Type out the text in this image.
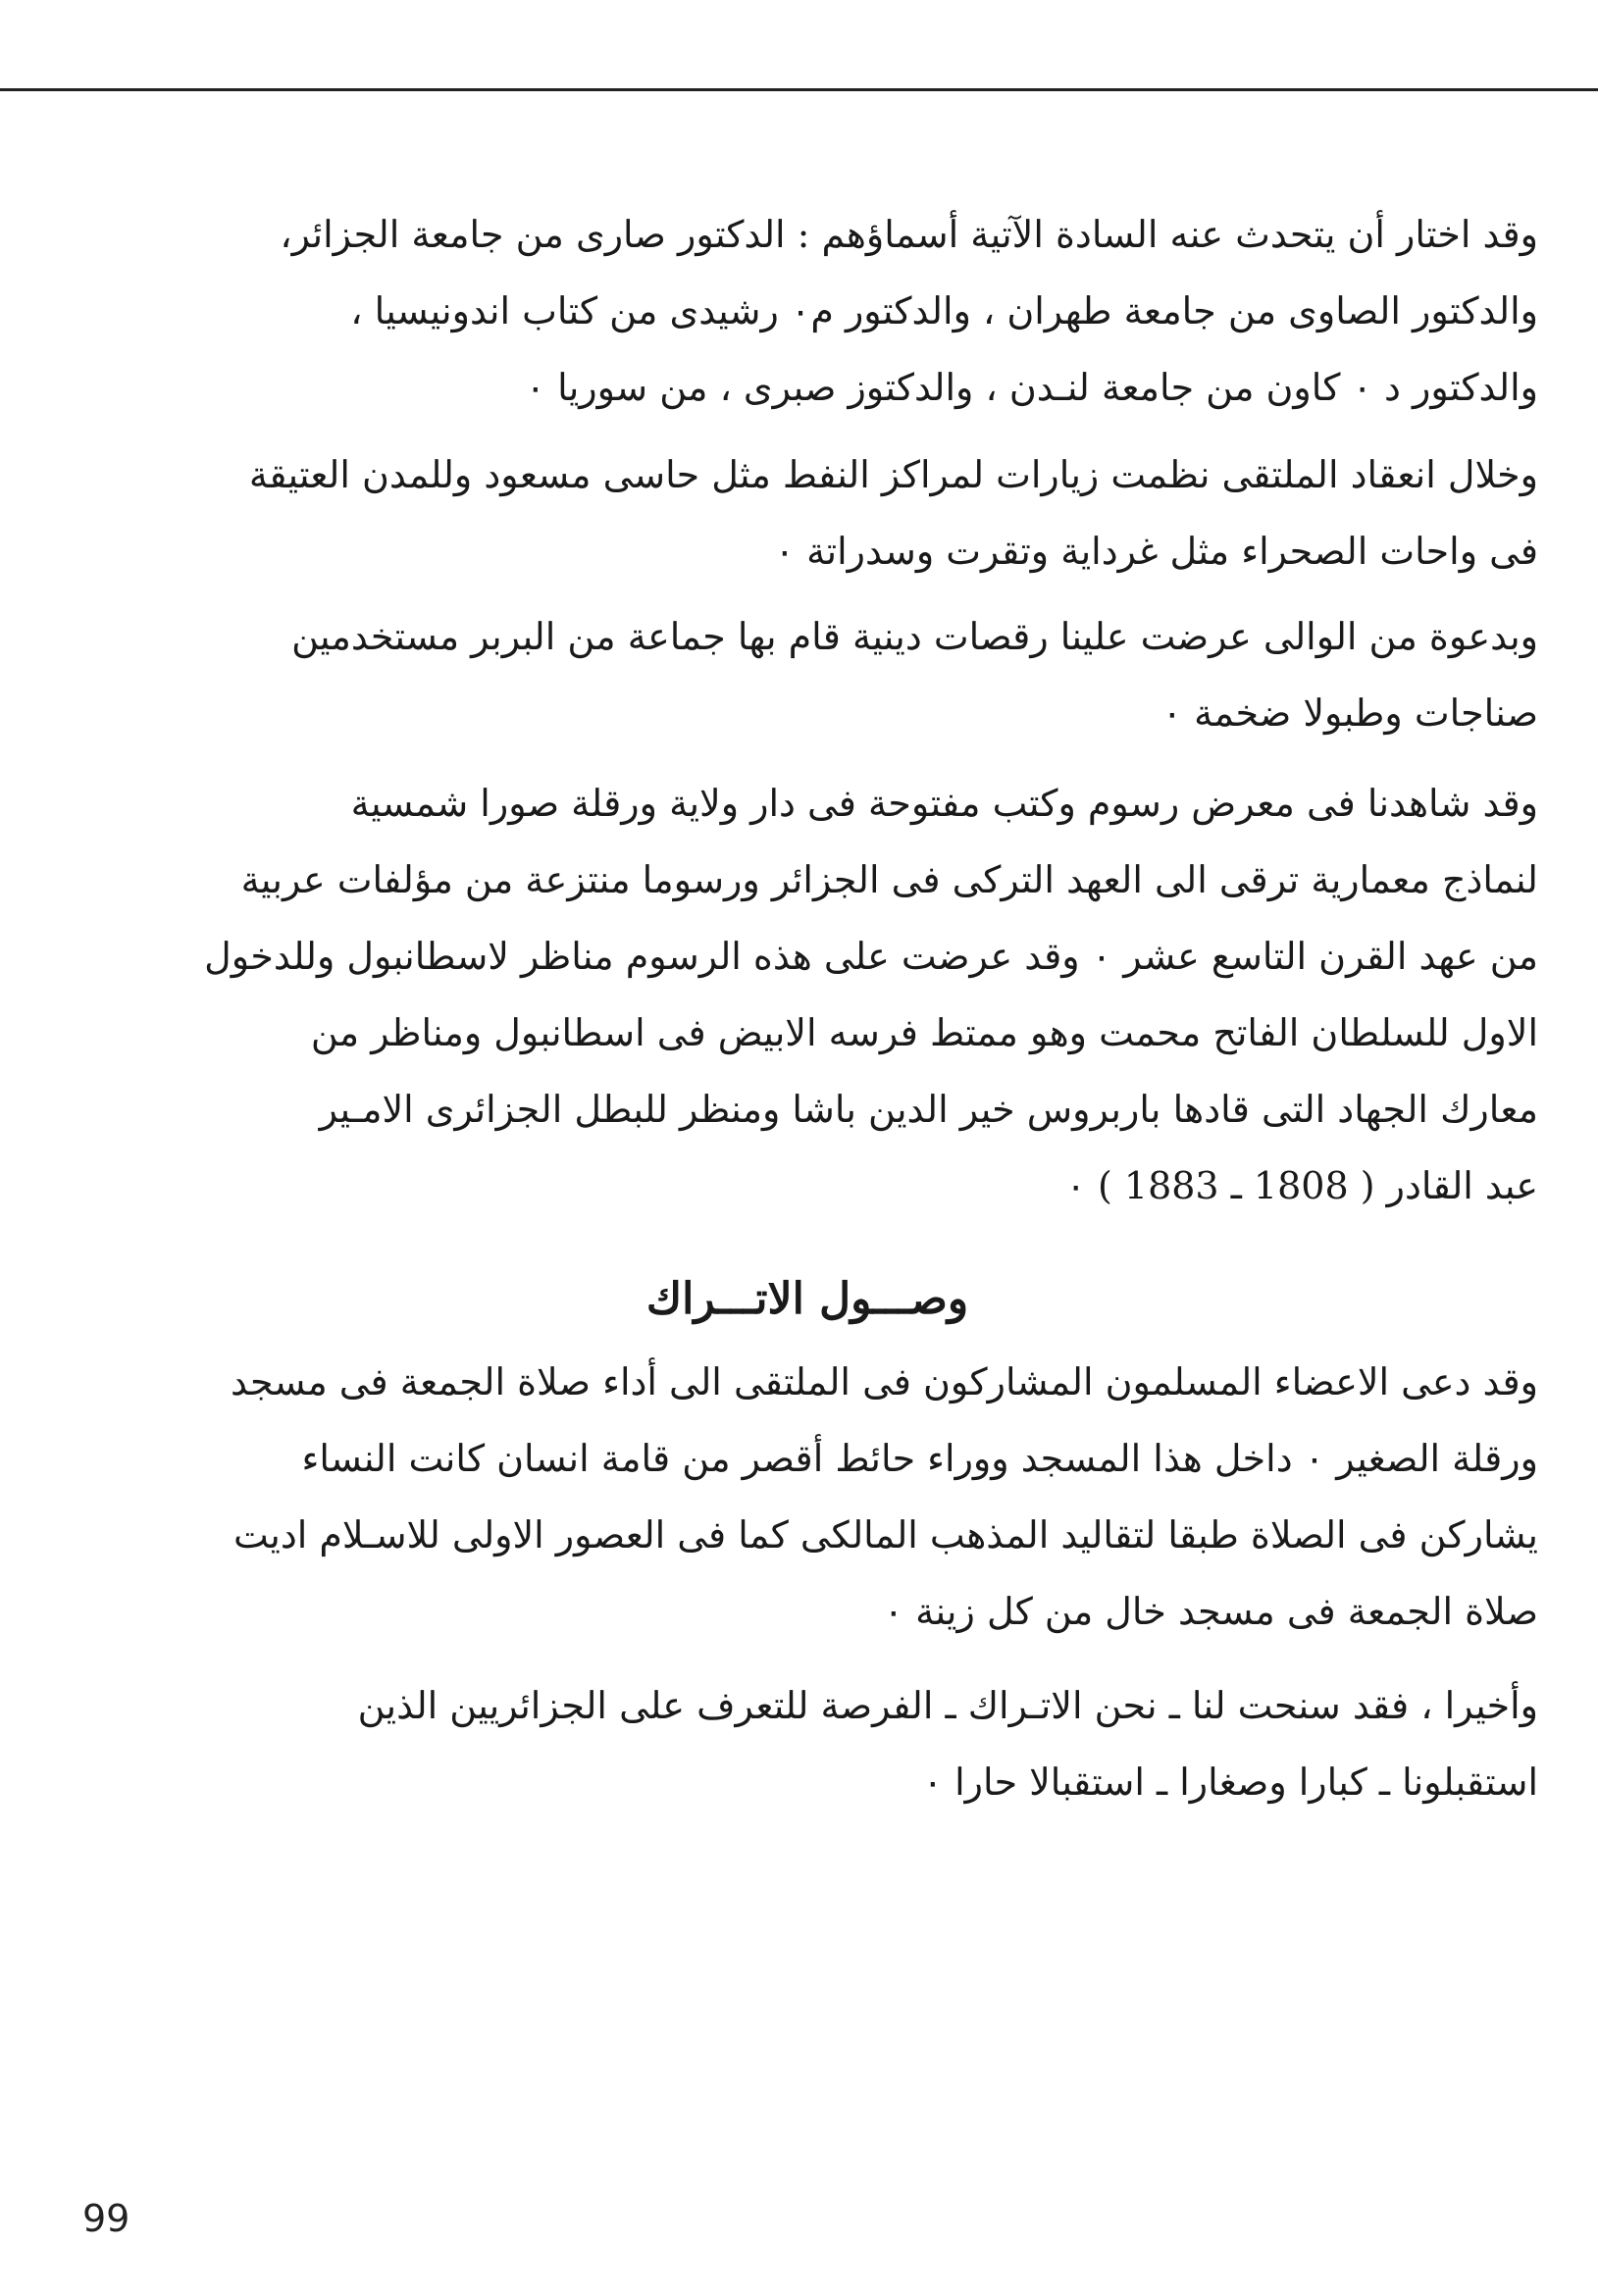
وقد اختار أن يتحدث عنه السادة الآتية أسماؤهم : الدكتور صارى من جامعة الجزائر،
والدكتور الصاوى من جامعة طهران ، والدكتور م٠ رشيدى من كتاب اندونيسيا ،
والدكتور د ٠ كاون من جامعة لنـدن ، والدكتوز صبرى ، من سوريا ٠
وخلال انعقاد الملتقى نظمت زيارات لمراكز النفط مثل حاسى مسعود وللمدن العتيقة
فى واحات الصحراء مثل غرداية وتقرت وسدراتة ٠
وبدعوة من الوالى عرضت علينا رقصات دينية قام بها جماعة من البربر مستخدمين
صناجات وطبولا ضخمة ٠
وقد شاهدنا فى معرض رسوم وكتب مفتوحة فى دار ولاية ورقلة صورا شمسية
لنماذج معمارية ترقى الى العهد التركى فى الجزائر ورسوما منتزعة من مؤلفات عربية
من عهد القرن التاسع عشر ٠ وقد عرضت على هذه الرسوم مناظر لاسطانبول وللدخول
الاول للسلطان الفاتح محمت وهو ممتط فرسه الابيض فى اسطانبول ومناظر من
معارك الجهاد التى قادها باربروس خير الدين باشا ومنظر للبطل الجزائرى الامـير
عبد القادر ( 1808 ـ 1883 ) ٠
وصـــول الاتـــراك
وقد دعى الاعضاء المسلمون المشاركون فى الملتقى الى أداء صلاة الجمعة فى مسجد
ورقلة الصغير ٠ داخل هذا المسجد ووراء حائط أقصر من قامة انسان كانت النساء
يشاركن فى الصلاة طبقا لتقاليد المذهب المالكى كما فى العصور الاولى للاسـلام اديت
صلاة الجمعة فى مسجد خال من كل زينة ٠
وأخيرا ، فقد سنحت لنا ـ نحن الاتـراك ـ الفرصة للتعرف على الجزائريين الذين
استقبلونا ـ كبارا وصغارا ـ استقبالا حارا ٠
99
